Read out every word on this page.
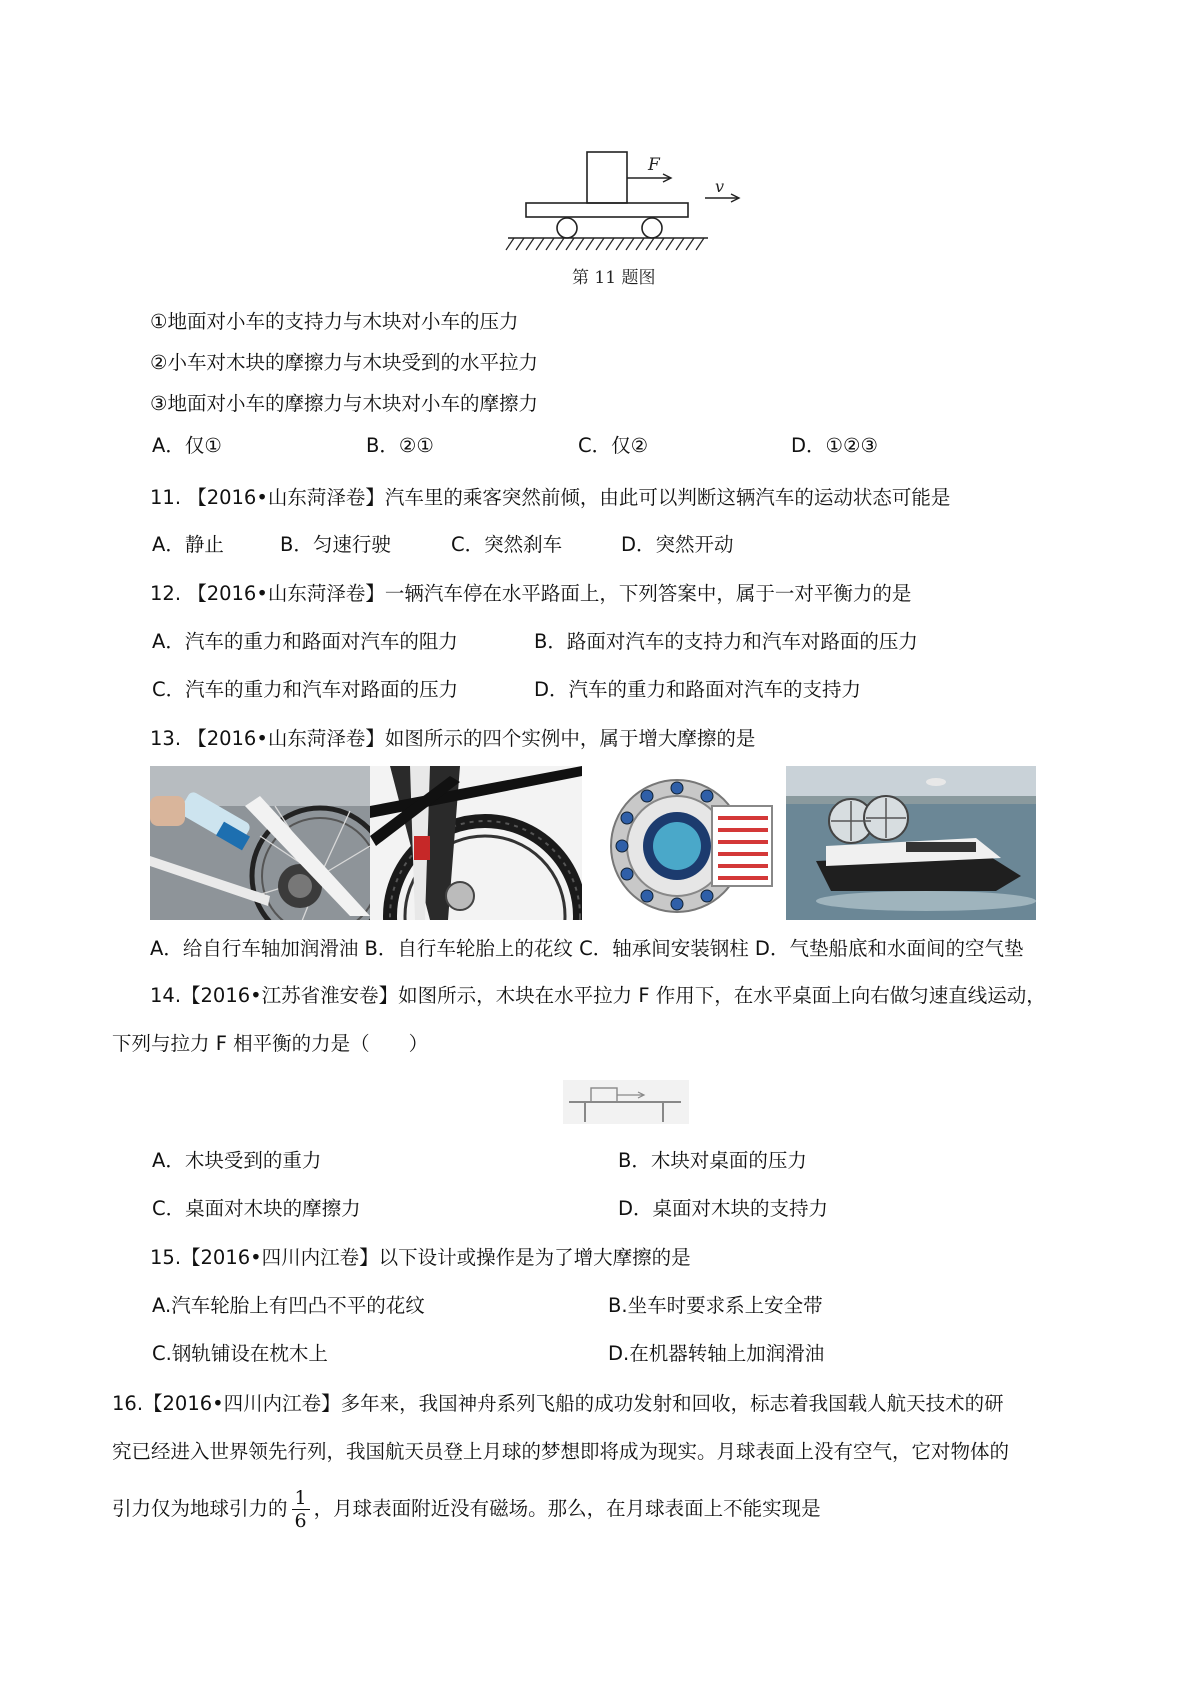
F
v
第 11 题图
①地面对小车的支持力与木块对小车的压力
②小车对木块的摩擦力与木块受到的水平拉力
③地面对小车的摩擦力与木块对小车的摩擦力
A．仅①	B．②①	C．仅②	D．①②③
11. 【2016•山东菏泽卷】汽车里的乘客突然前倾，由此可以判断这辆汽车的运动状态可能是
A．静止	B．匀速行驶	C．突然刹车	D．突然开动
12. 【2016•山东菏泽卷】一辆汽车停在水平路面上，下列答案中，属于一对平衡力的是
A．汽车的重力和路面对汽车的阻力	B．路面对汽车的支持力和汽车对路面的压力
C．汽车的重力和汽车对路面的压力	D．汽车的重力和路面对汽车的支持力
13. 【2016•山东菏泽卷】如图所示的四个实例中，属于增大摩擦的是
A．给自行车轴加润滑油 B．自行车轮胎上的花纹 C．轴承间安装钢柱 D．气垫船底和水面间的空气垫
14.【2016•江苏省淮安卷】如图所示，木块在水平拉力 F 作用下，在水平桌面上向右做匀速直线运动，
下列与拉力 F 相平衡的力是（　　）
A．木块受到的重力	B．木块对桌面的压力
C．桌面对木块的摩擦力	D．桌面对木块的支持力
15.【2016•四川内江卷】以下设计或操作是为了增大摩擦的是
A.汽车轮胎上有凹凸不平的花纹	B.坐车时要求系上安全带
C.钢轨铺设在枕木上	D.在机器转轴上加润滑油
16.【2016•四川内江卷】多年来，我国神舟系列飞船的成功发射和回收，标志着我国载人航天技术的研
究已经进入世界领先行列，我国航天员登上月球的梦想即将成为现实。月球表面上没有空气，它对物体的
引力仅为地球引力的 $\frac{1}{6}$ ，月球表面附近没有磁场。那么，在月球表面上不能实现是
